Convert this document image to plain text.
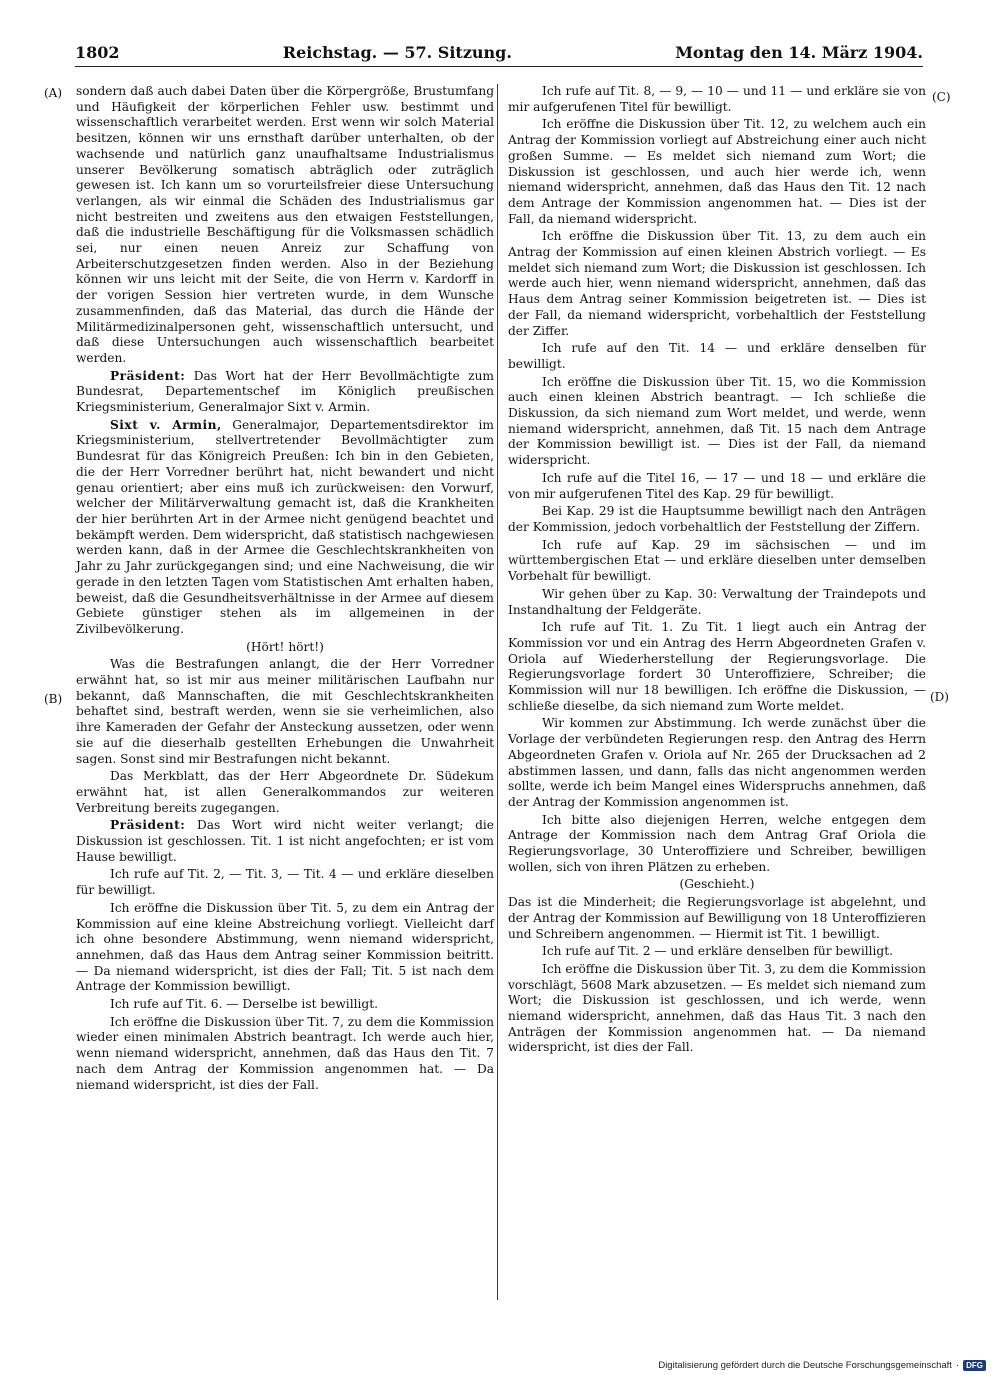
1802	Reichstag. — 57. Sitzung.	Montag den 14. März 1904.
(A)
(B)
(C)
(D)

sondern daß auch dabei Daten über die Körpergröße, Brustumfang und Häufigkeit der körperlichen Fehler usw. bestimmt und wissenschaftlich verarbeitet werden. Erst wenn wir solch Material besitzen, können wir uns ernsthaft darüber unterhalten, ob der wachsende und natürlich ganz unaufhaltsame Industrialismus unserer Bevölkerung somatisch abträglich oder zuträglich gewesen ist. Ich kann um so vorurteilsfreier diese Untersuchung verlangen, als wir einmal die Schäden des Industrialismus gar nicht bestreiten und zweitens aus den etwaigen Feststellungen, daß die industrielle Beschäftigung für die Volksmassen schädlich sei, nur einen neuen Anreiz zur Schaffung von Arbeiterschutzgesetzen finden werden. Also in der Beziehung können wir uns leicht mit der Seite, die von Herrn v. Kardorff in der vorigen Session hier vertreten wurde, in dem Wunsche zusammenfinden, daß das Material, das durch die Hände der Militärmedizinalpersonen geht, wissenschaftlich untersucht, und daß diese Untersuchungen auch wissenschaftlich bearbeitet werden.

Präsident: Das Wort hat der Herr Bevollmächtigte zum Bundesrat, Departementschef im Königlich preußischen Kriegsministerium, Generalmajor Sixt v. Armin.

Sixt v. Armin, Generalmajor, Departementsdirektor im Kriegsministerium, stellvertretender Bevollmächtigter zum Bundesrat für das Königreich Preußen: Ich bin in den Gebieten, die der Herr Vorredner berührt hat, nicht bewandert und nicht genau orientiert; aber eins muß ich zurückweisen: den Vorwurf, welcher der Militärverwaltung gemacht ist, daß die Krankheiten der hier berührten Art in der Armee nicht genügend beachtet und bekämpft werden. Dem widerspricht, daß statistisch nachgewiesen werden kann, daß in der Armee die Geschlechtskrankheiten von Jahr zu Jahr zurückgegangen sind; und eine Nachweisung, die wir gerade in den letzten Tagen vom Statistischen Amt erhalten haben, beweist, daß die Gesundheitsverhältnisse in der Armee auf diesem Gebiete günstiger stehen als im allgemeinen in der Zivilbevölkerung.

(Hört! hört!)

Was die Bestrafungen anlangt, die der Herr Vorredner erwähnt hat, so ist mir aus meiner militärischen Laufbahn nur bekannt, daß Mannschaften, die mit Geschlechtskrankheiten behaftet sind, bestraft werden, wenn sie sie verheimlichen, also ihre Kameraden der Gefahr der Ansteckung aussetzen, oder wenn sie auf die dieserhalb gestellten Erhebungen die Unwahrheit sagen. Sonst sind mir Bestrafungen nicht bekannt.

Das Merkblatt, das der Herr Abgeordnete Dr. Südekum erwähnt hat, ist allen Generalkommandos zur weiteren Verbreitung bereits zugegangen.

Präsident: Das Wort wird nicht weiter verlangt; die Diskussion ist geschlossen. Tit. 1 ist nicht angefochten; er ist vom Hause bewilligt.

Ich rufe auf Tit. 2, — Tit. 3, — Tit. 4 — und erkläre dieselben für bewilligt.

Ich eröffne die Diskussion über Tit. 5, zu dem ein Antrag der Kommission auf eine kleine Abstreichung vorliegt. Vielleicht darf ich ohne besondere Abstimmung, wenn niemand widerspricht, annehmen, daß das Haus dem Antrag seiner Kommission beitritt. — Da niemand widerspricht, ist dies der Fall; Tit. 5 ist nach dem Antrage der Kommission bewilligt.

Ich rufe auf Tit. 6. — Derselbe ist bewilligt.

Ich eröffne die Diskussion über Tit. 7, zu dem die Kommission wieder einen minimalen Abstrich beantragt. Ich werde auch hier, wenn niemand widerspricht, annehmen, daß das Haus den Tit. 7 nach dem Antrag der Kommission angenommen hat. — Da niemand widerspricht, ist dies der Fall.

Ich rufe auf Tit. 8, — 9, — 10 — und 11 — und erkläre sie von mir aufgerufenen Titel für bewilligt.

Ich eröffne die Diskussion über Tit. 12, zu welchem auch ein Antrag der Kommission vorliegt auf Abstreichung einer auch nicht großen Summe. — Es meldet sich niemand zum Wort; die Diskussion ist geschlossen, und auch hier werde ich, wenn niemand widerspricht, annehmen, daß das Haus den Tit. 12 nach dem Antrage der Kommission angenommen hat. — Dies ist der Fall, da niemand widerspricht.

Ich eröffne die Diskussion über Tit. 13, zu dem auch ein Antrag der Kommission auf einen kleinen Abstrich vorliegt. — Es meldet sich niemand zum Wort; die Diskussion ist geschlossen. Ich werde auch hier, wenn niemand widerspricht, annehmen, daß das Haus dem Antrag seiner Kommission beigetreten ist. — Dies ist der Fall, da niemand widerspricht, vorbehaltlich der Feststellung der Ziffer.

Ich rufe auf den Tit. 14 — und erkläre denselben für bewilligt.

Ich eröffne die Diskussion über Tit. 15, wo die Kommission auch einen kleinen Abstrich beantragt. — Ich schließe die Diskussion, da sich niemand zum Wort meldet, und werde, wenn niemand widerspricht, annehmen, daß Tit. 15 nach dem Antrage der Kommission bewilligt ist. — Dies ist der Fall, da niemand widerspricht.

Ich rufe auf die Titel 16, — 17 — und 18 — und erkläre die von mir aufgerufenen Titel des Kap. 29 für bewilligt.

Bei Kap. 29 ist die Hauptsumme bewilligt nach den Anträgen der Kommission, jedoch vorbehaltlich der Feststellung der Ziffern.

Ich rufe auf Kap. 29 im sächsischen — und im württembergischen Etat — und erkläre dieselben unter demselben Vorbehalt für bewilligt.

Wir gehen über zu Kap. 30: Verwaltung der Traindepots und Instandhaltung der Feldgeräte.

Ich rufe auf Tit. 1. Zu Tit. 1 liegt auch ein Antrag der Kommission vor und ein Antrag des Herrn Abgeordneten Grafen v. Oriola auf Wiederherstellung der Regierungsvorlage. Die Regierungsvorlage fordert 30 Unteroffiziere, Schreiber; die Kommission will nur 18 bewilligen. Ich eröffne die Diskussion, — schließe dieselbe, da sich niemand zum Worte meldet.

Wir kommen zur Abstimmung. Ich werde zunächst über die Vorlage der verbündeten Regierungen resp. den Antrag des Herrn Abgeordneten Grafen v. Oriola auf Nr. 265 der Drucksachen ad 2 abstimmen lassen, und dann, falls das nicht angenommen werden sollte, werde ich beim Mangel eines Widerspruchs annehmen, daß der Antrag der Kommission angenommen ist.

Ich bitte also diejenigen Herren, welche entgegen dem Antrage der Kommission nach dem Antrag Graf Oriola die Regierungsvorlage, 30 Unteroffiziere und Schreiber, bewilligen wollen, sich von ihren Plätzen zu erheben.

(Geschieht.)

Das ist die Minderheit; die Regierungsvorlage ist abgelehnt, und der Antrag der Kommission auf Bewilligung von 18 Unteroffizieren und Schreibern angenommen. — Hiermit ist Tit. 1 bewilligt.

Ich rufe auf Tit. 2 — und erkläre denselben für bewilligt.

Ich eröffne die Diskussion über Tit. 3, zu dem die Kommission vorschlägt, 5608 Mark abzusetzen. — Es meldet sich niemand zum Wort; die Diskussion ist geschlossen, und ich werde, wenn niemand widerspricht, annehmen, daß das Haus Tit. 3 nach den Anträgen der Kommission angenommen hat. — Da niemand widerspricht, ist dies der Fall.

Digitalisierung gefördert durch die Deutsche Forschungsgemeinschaft · DFG
